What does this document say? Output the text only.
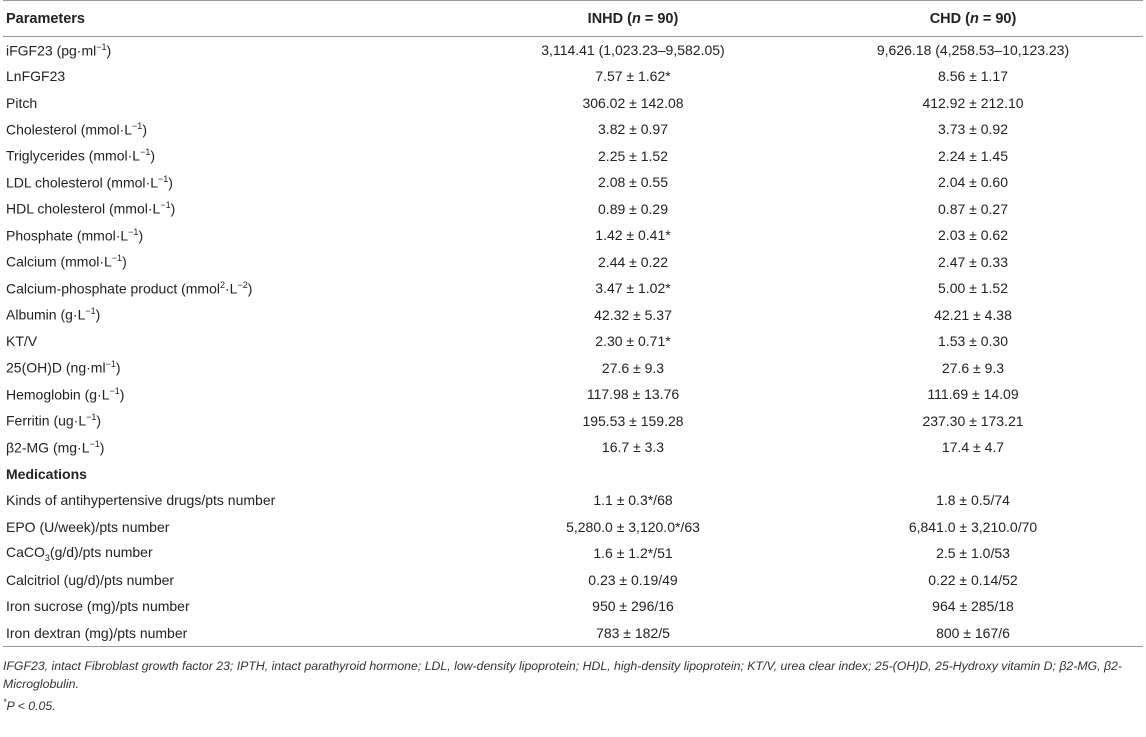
Parameters	INHD (n = 90)	CHD (n = 90)
iFGF23 $(pg\cdot ml^{-1})$	3,114.41 (1,023.23–9,582.05)	9,626.18 (4,258.53–10,123.23)
LnFGF23	7.57 ± 1.62*	8.56 ± 1.17
Pitch	306.02 ± 142.08	412.92 ± 212.10
Cholesterol $(mmol\cdot L^{-1})$	3.82 ± 0.97	3.73 ± 0.92
Triglycerides $(mmol\cdot L^{-1})$	2.25 ± 1.52	2.24 ± 1.45
LDL cholesterol $(mmol\cdot L^{-1})$	2.08 ± 0.55	2.04 ± 0.60
HDL cholesterol $(mmol\cdot L^{-1})$	0.89 ± 0.29	0.87 ± 0.27
Phosphate $(mmol\cdot L^{-1})$	1.42 ± 0.41*	2.03 ± 0.62
Calcium $(mmol\cdot L^{-1})$	2.44 ± 0.22	2.47 ± 0.33
Calcium-phosphate product $(mmol^2\cdot L^{-2})$	3.47 ± 1.02*	5.00 ± 1.52
Albumin $(g\cdot L^{-1})$	42.32 ± 5.37	42.21 ± 4.38
KT/V	2.30 ± 0.71*	1.53 ± 0.30
25(OH)D $(ng\cdot ml^{-1})$	27.6 ± 9.3	27.6 ± 9.3
Hemoglobin $(g\cdot L^{-1})$	117.98 ± 13.76	111.69 ± 14.09
Ferritin $(ug\cdot L^{-1})$	195.53 ± 159.28	237.30 ± 173.21
β2-MG $(mg\cdot L^{-1})$	16.7 ± 3.3	17.4 ± 4.7
Medications		
Kinds of antihypertensive drugs/pts number	1.1 ± 0.3*/68	1.8 ± 0.5/74
EPO (U/week)/pts number	5,280.0 ± 3,120.0*/63	6,841.0 ± 3,210.0/70
CaCO$_3$(g/d)/pts number	1.6 ± 1.2*/51	2.5 ± 1.0/53
Calcitriol (ug/d)/pts number	0.23 ± 0.19/49	0.22 ± 0.14/52
Iron sucrose (mg)/pts number	950 ± 296/16	964 ± 285/18
Iron dextran (mg)/pts number	783 ± 182/5	800 ± 167/6
IFGF23, intact Fibroblast growth factor 23; IPTH, intact parathyroid hormone; LDL, low-density lipoprotein; HDL, high-density lipoprotein; KT/V, urea clear index; 25-(OH)D, 25-Hydroxy vitamin D; β2-MG, β2-Microglobulin.
*P < 0.05.
